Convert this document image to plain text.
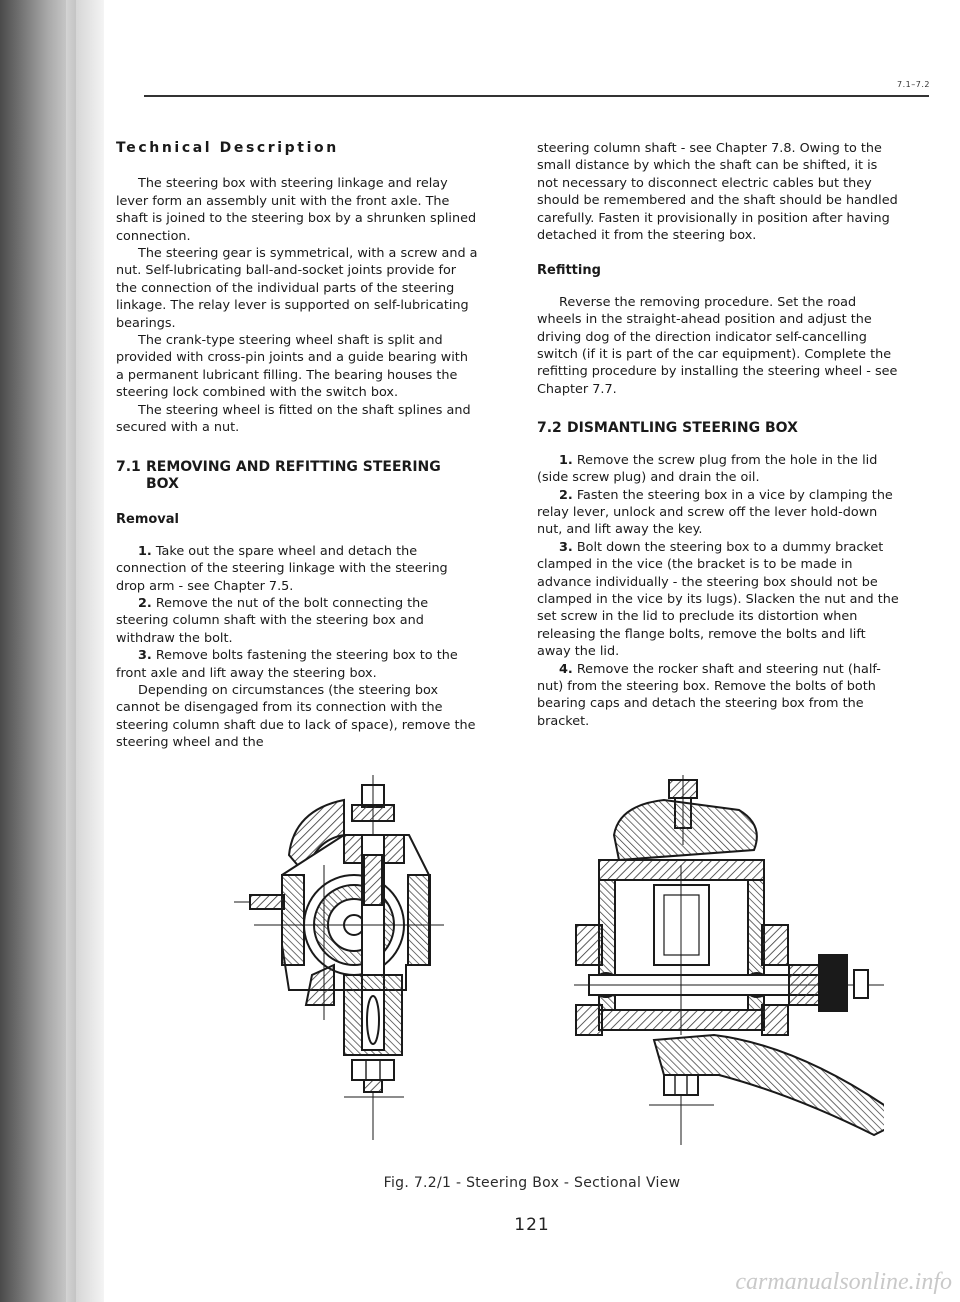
7.1–7.2
Technical Description

The steering box with steering linkage and relay lever form an assembly unit with the front axle. The shaft is joined to the steering box by a shrunken splined connection.

The steering gear is symmetrical, with a screw and a nut. Self-lubricating ball-and-socket joints provide for the connection of the individual parts of the steering linkage. The relay lever is supported on self-lubricating bearings.

The crank-type steering wheel shaft is split and provided with cross-pin joints and a guide bearing with a permanent lubricant filling. The bearing houses the steering lock combined with the switch box.

The steering wheel is fitted on the shaft splines and secured with a nut.

7.1 REMOVING AND REFITTING STEERING
BOX
Removal

1. Take out the spare wheel and detach the connection of the steering linkage with the steering drop arm - see Chapter 7.5.

2. Remove the nut of the bolt connecting the steering column shaft with the steering box and withdraw the bolt.

3. Remove bolts fastening the steering box to the front axle and lift away the steering box.

Depending on circumstances (the steering box cannot be disengaged from its connection with the steering column shaft due to lack of space), remove the steering wheel and the

steering column shaft - see Chapter 7.8. Owing to the small distance by which the shaft can be shifted, it is not necessary to disconnect electric cables but they should be remembered and the shaft should be handled carefully. Fasten it provisionally in position after having detached it from the steering box.

Refitting

Reverse the removing procedure. Set the road wheels in the straight-ahead position and adjust the driving dog of the direction indicator self-cancelling switch (if it is part of the car equipment). Complete the refitting procedure by installing the steering wheel - see Chapter 7.7.

7.2 DISMANTLING STEERING BOX

1. Remove the screw plug from the hole in the lid (side screw plug) and drain the oil.

2. Fasten the steering box in a vice by clamping the relay lever, unlock and screw off the lever hold-down nut, and lift away the key.

3. Bolt down the steering box to a dummy bracket clamped in the vice (the bracket is to be made in advance individually - the steering box should not be clamped in the vice by its lugs). Slacken the nut and the set screw in the lid to preclude its distortion when releasing the flange bolts, remove the bolts and lift away the lid.

4. Remove the rocker shaft and steering nut (half-nut) from the steering box. Remove the bolts of both bearing caps and detach the steering box from the bracket.

Fig. 7.2/1 - Steering Box - Sectional View
121
carmanualsonline.info
